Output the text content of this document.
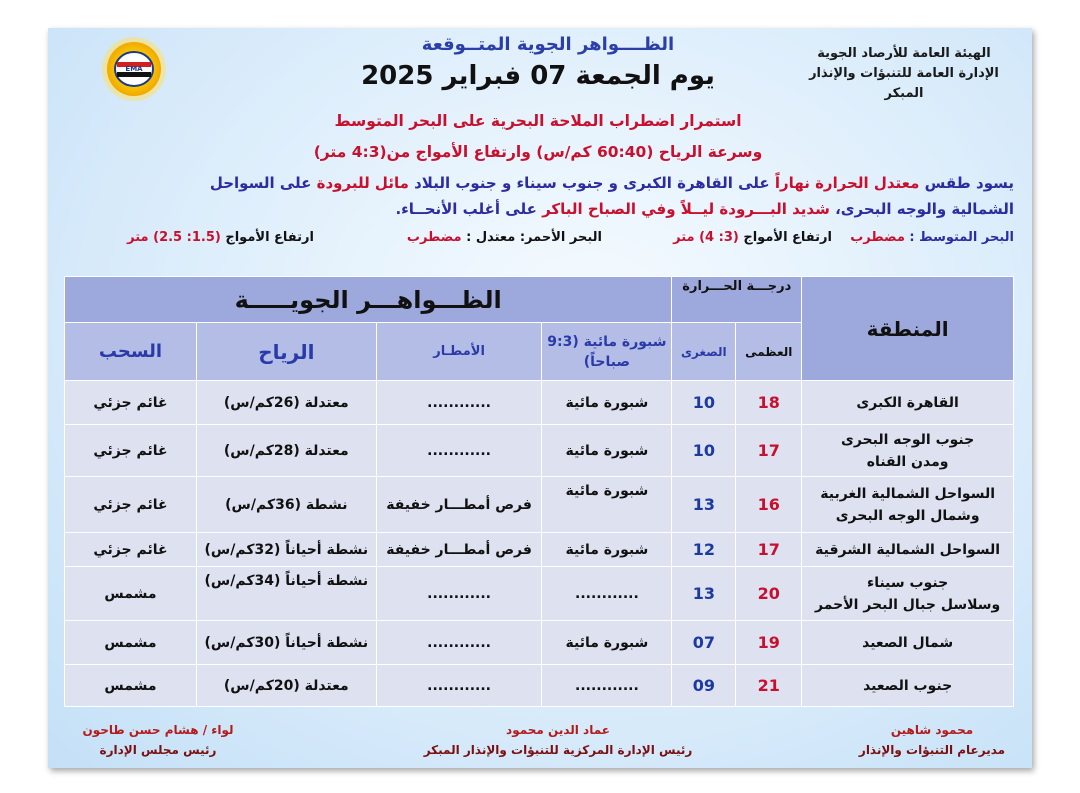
الهيئة العامة للأرصاد الجوية
الإدارة العامة للتنبؤات والإنذار المبكر
الظــــواهر الجوية المتــوقعة
يوم الجمعة 07 فبراير 2025
EMA
استمرار اضطراب الملاحة البحرية على البحر المتوسط
وسرعة الرياح (60:40 كم/س) وارتفاع الأمواج من(4:3 متر)
يسود طقس معتدل الحرارة نهاراً على القاهرة الكبرى و جنوب سيناء و جنوب البلاد مائل للبرودة على السواحل الشمالية والوجه البحرى، شديد البـــرودة ليــلاً وفي الصباح الباكر على أغلب الأنحــاء.
البحر المتوسط : مضطرب
ارتفاع الأمواج (3: 4) متر
البحر الأحمر: معتدل : مضطرب
ارتفاع الأمواج (1.5: 2.5) متر
المنطقة	درجـــة الحـــرارة		الظـــواهـــر الجويـــــة			
	العظمى	الصغرى	شبورة مائية (9:3 صباحاً)	الأمطـار	الرياح	السحب
القاهرة الكبرى	18	10	شبورة مائية	............	معتدلة (26كم/س)	غائم جزئي

جنوب الوجه البحرى
ومدن القناه	17	10	شبورة مائية	............	معتدلة (28كم/س)	غائم جزئي

السواحل الشمالية الغربية
وشمال الوجه البحرى	16	13	شبورة مائية	فرص أمطـــار خفيفة	نشطة (36كم/س)	غائم جزئي
السواحل الشمالية الشرقية	17	12	شبورة مائية	فرص أمطـــار خفيفة	نشطة أحياناً (32كم/س)	غائم جزئي

جنوب سيناء
وسلاسل جبال البحر الأحمر	20	13	............	............	نشطة أحياناً (34كم/س)	مشمس
شمال الصعيد	19	07	شبورة مائية	............	نشطة أحياناً (30كم/س)	مشمس
جنوب الصعيد	21	09	............	............	معتدلة (20كم/س)	مشمس
محمود شاهين
مديرعام التنبؤات والإنذار
عماد الدين محمود
رئيس الإدارة المركزية للتنبؤات والإنذار المبكر
لواء / هشام حسن طاحون
رئيس مجلس الإدارة
